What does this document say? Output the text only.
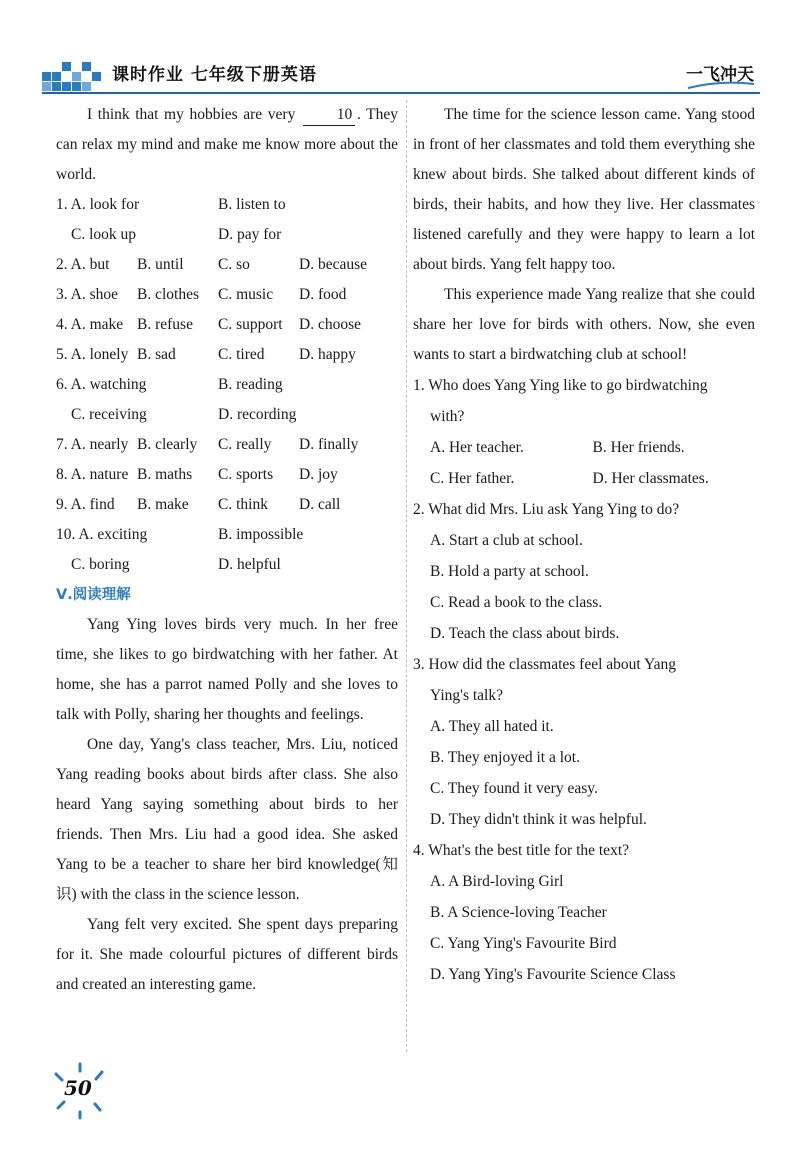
课时作业 七年级下册英语	一飞冲天

I think that my hobbies are very	10 . They can relax my mind and make me know more about the world.

1. A. look for	B. listen to
C. look up	D. pay for
2. A. but	B. until	C. so	D. because
3. A. shoe	B. clothes	C. music	D. food
4. A. make B. refuse	C. support	D. choose
5. A. lonely B. sad	C. tired	D. happy
6. A. watching	B. reading
C. receiving	D. recording
7. A. nearly B. clearly	C. really	D. finally
8. A. nature B. maths	C. sports	D. joy
9. A. find	B. make	C. think	D. call
10. A. exciting	B. impossible
C. boring	D. helpful
Ⅴ.阅读理解

Yang Ying loves birds very much. In her free time, she likes to go birdwatching with her father. At home, she has a parrot named Polly and she loves to talk with Polly, sharing her thoughts and feelings.

One day, Yang's class teacher, Mrs. Liu, noticed Yang reading books about birds after class. She also heard Yang saying something about birds to her friends. Then Mrs. Liu had a good idea. She asked Yang to be a teacher to share her bird knowledge(知识) with the class in the science lesson.

Yang felt very excited. She spent days preparing for it. She made colourful pictures of different birds and created an interesting game.

The time for the science lesson came. Yang stood in front of her classmates and told them everything she knew about birds. She talked about different kinds of birds, their habits, and how they live. Her classmates listened carefully and they were happy to learn a lot about birds. Yang felt happy too.

This experience made Yang realize that she could share her love for birds with others. Now, she even wants to start a birdwatching club at school!

1. Who does Yang Ying like to go birdwatching
with?
A. Her teacher.	B. Her friends.
C. Her father.	D. Her classmates.
2. What did Mrs. Liu ask Yang Ying to do?
A. Start a club at school.
B. Hold a party at school.
C. Read a book to the class.
D. Teach the class about birds.
3. How did the classmates feel about Yang
Ying's talk?
A. They all hated it.
B. They enjoyed it a lot.
C. They found it very easy.
D. They didn't think it was helpful.
4. What's the best title for the text?
A. A Bird-loving Girl
B. A Science-loving Teacher
C. Yang Ying's Favourite Bird
D. Yang Ying's Favourite Science Class
50
